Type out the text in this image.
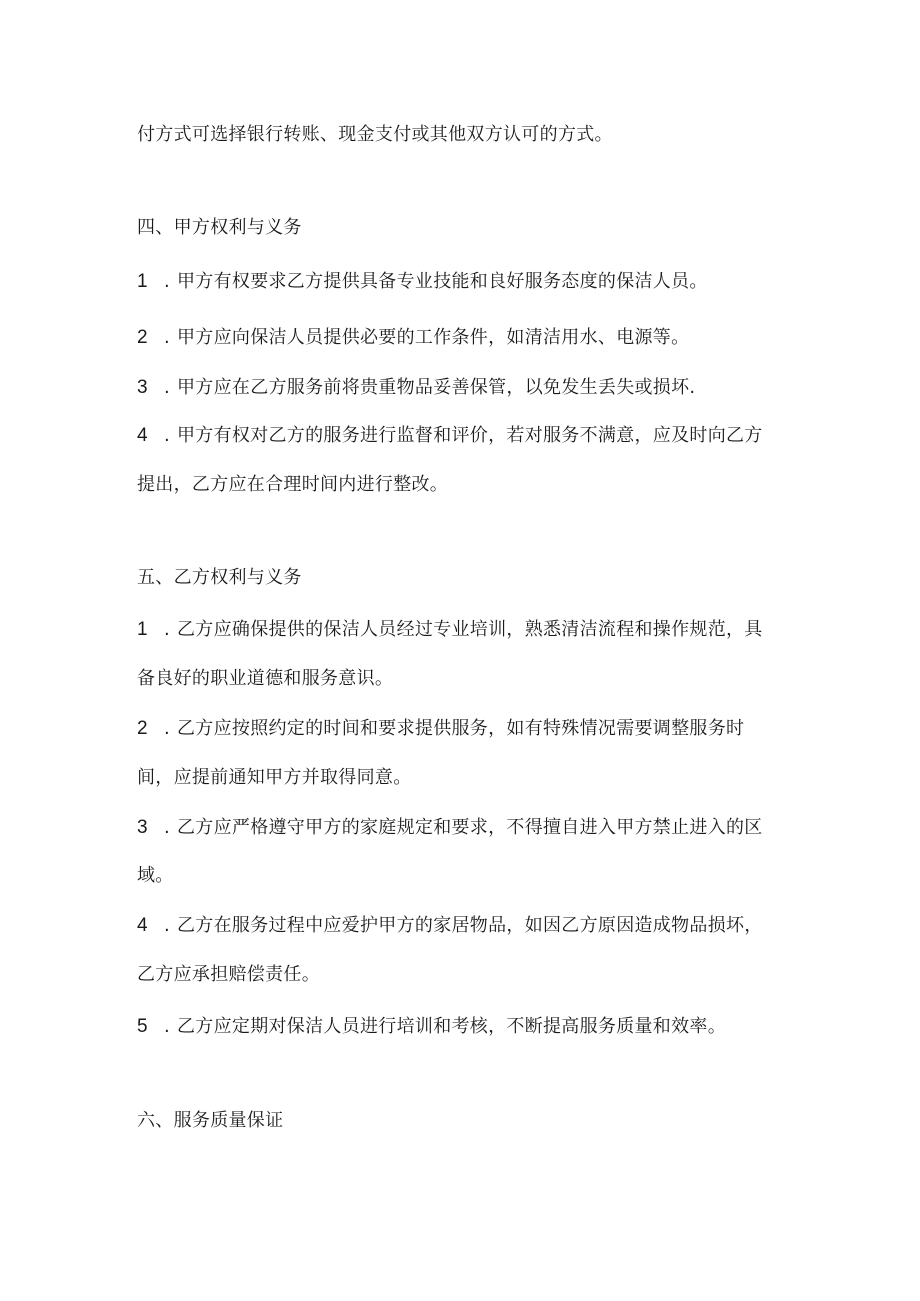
付方式可选择银行转账、现金支付或其他双方认可的方式。
四、甲方权利与义务
1 . 甲方有权要求乙方提供具备专业技能和良好服务态度的保洁人员。
2 . 甲方应向保洁人员提供必要的工作条件，如清洁用水、电源等。
3 . 甲方应在乙方服务前将贵重物品妥善保管，以免发生丢失或损坏.
4 . 甲方有权对乙方的服务进行监督和评价，若对服务不满意，应及时向乙方
提出，乙方应在合理时间内进行整改。
五、乙方权利与义务
1 . 乙方应确保提供的保洁人员经过专业培训，熟悉清洁流程和操作规范，具
备良好的职业道德和服务意识。
2 . 乙方应按照约定的时间和要求提供服务，如有特殊情况需要调整服务时
间，应提前通知甲方并取得同意。
3 . 乙方应严格遵守甲方的家庭规定和要求，不得擅自进入甲方禁止进入的区
域。
4 . 乙方在服务过程中应爱护甲方的家居物品，如因乙方原因造成物品损坏，
乙方应承担赔偿责任。
5 . 乙方应定期对保洁人员进行培训和考核，不断提高服务质量和效率。
六、服务质量保证
